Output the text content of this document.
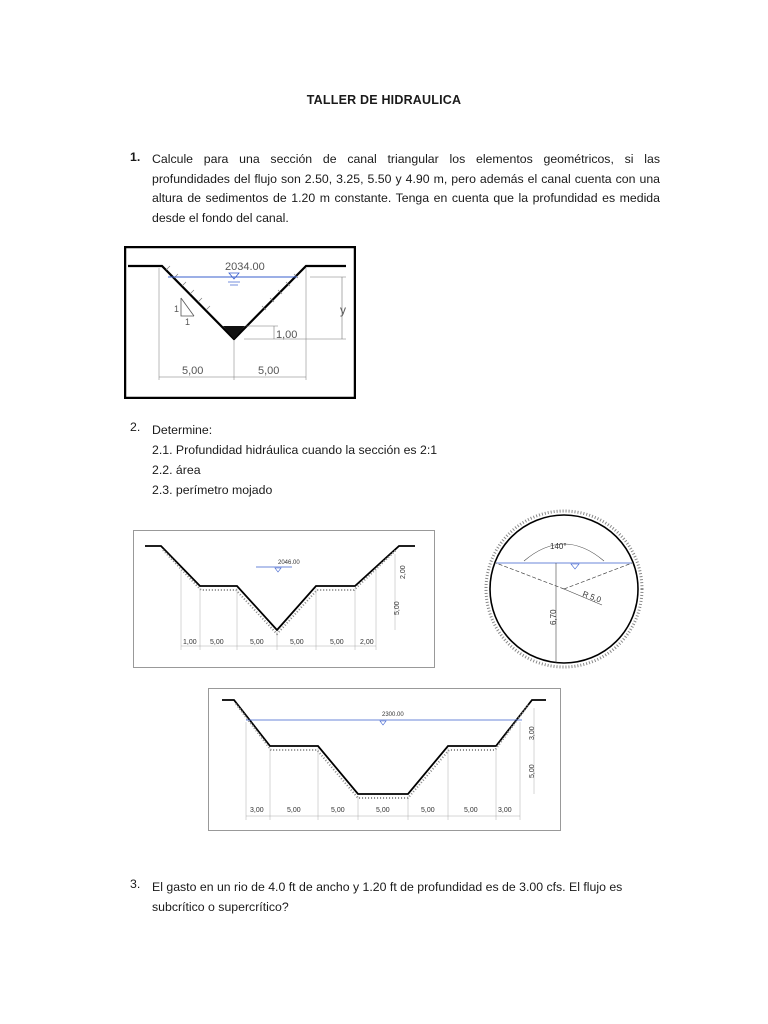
TALLER DE HIDRAULICA
1. Calcule para una sección de canal triangular los elementos geométricos, si las profundidades del flujo son 2.50, 3.25, 5.50 y 4.90 m, pero además el canal cuenta con una altura de sedimentos de 1.20 m constante. Tenga en cuenta que la profundidad es medida desde el fondo del canal.
2034.00
1
1
y
1,00
5,00	5,00
2. Determine:
2.1. Profundidad hidráulica cuando la sección es 2:1
2.2. área
2.3. perímetro mojado
2046.00
2,00
5,00
1,00 5,00	5,00	5,00	5,00 2,00
140°
R 5,0
6,70
2300.00
3,00
5,00
3,00	5,00	5,00	5,00	5,00	5,00	3,00
3. El gasto en un rio de 4.0 ft de ancho y 1.20 ft de profundidad es de 3.00 cfs. El flujo es
subcrítico o supercrítico?
